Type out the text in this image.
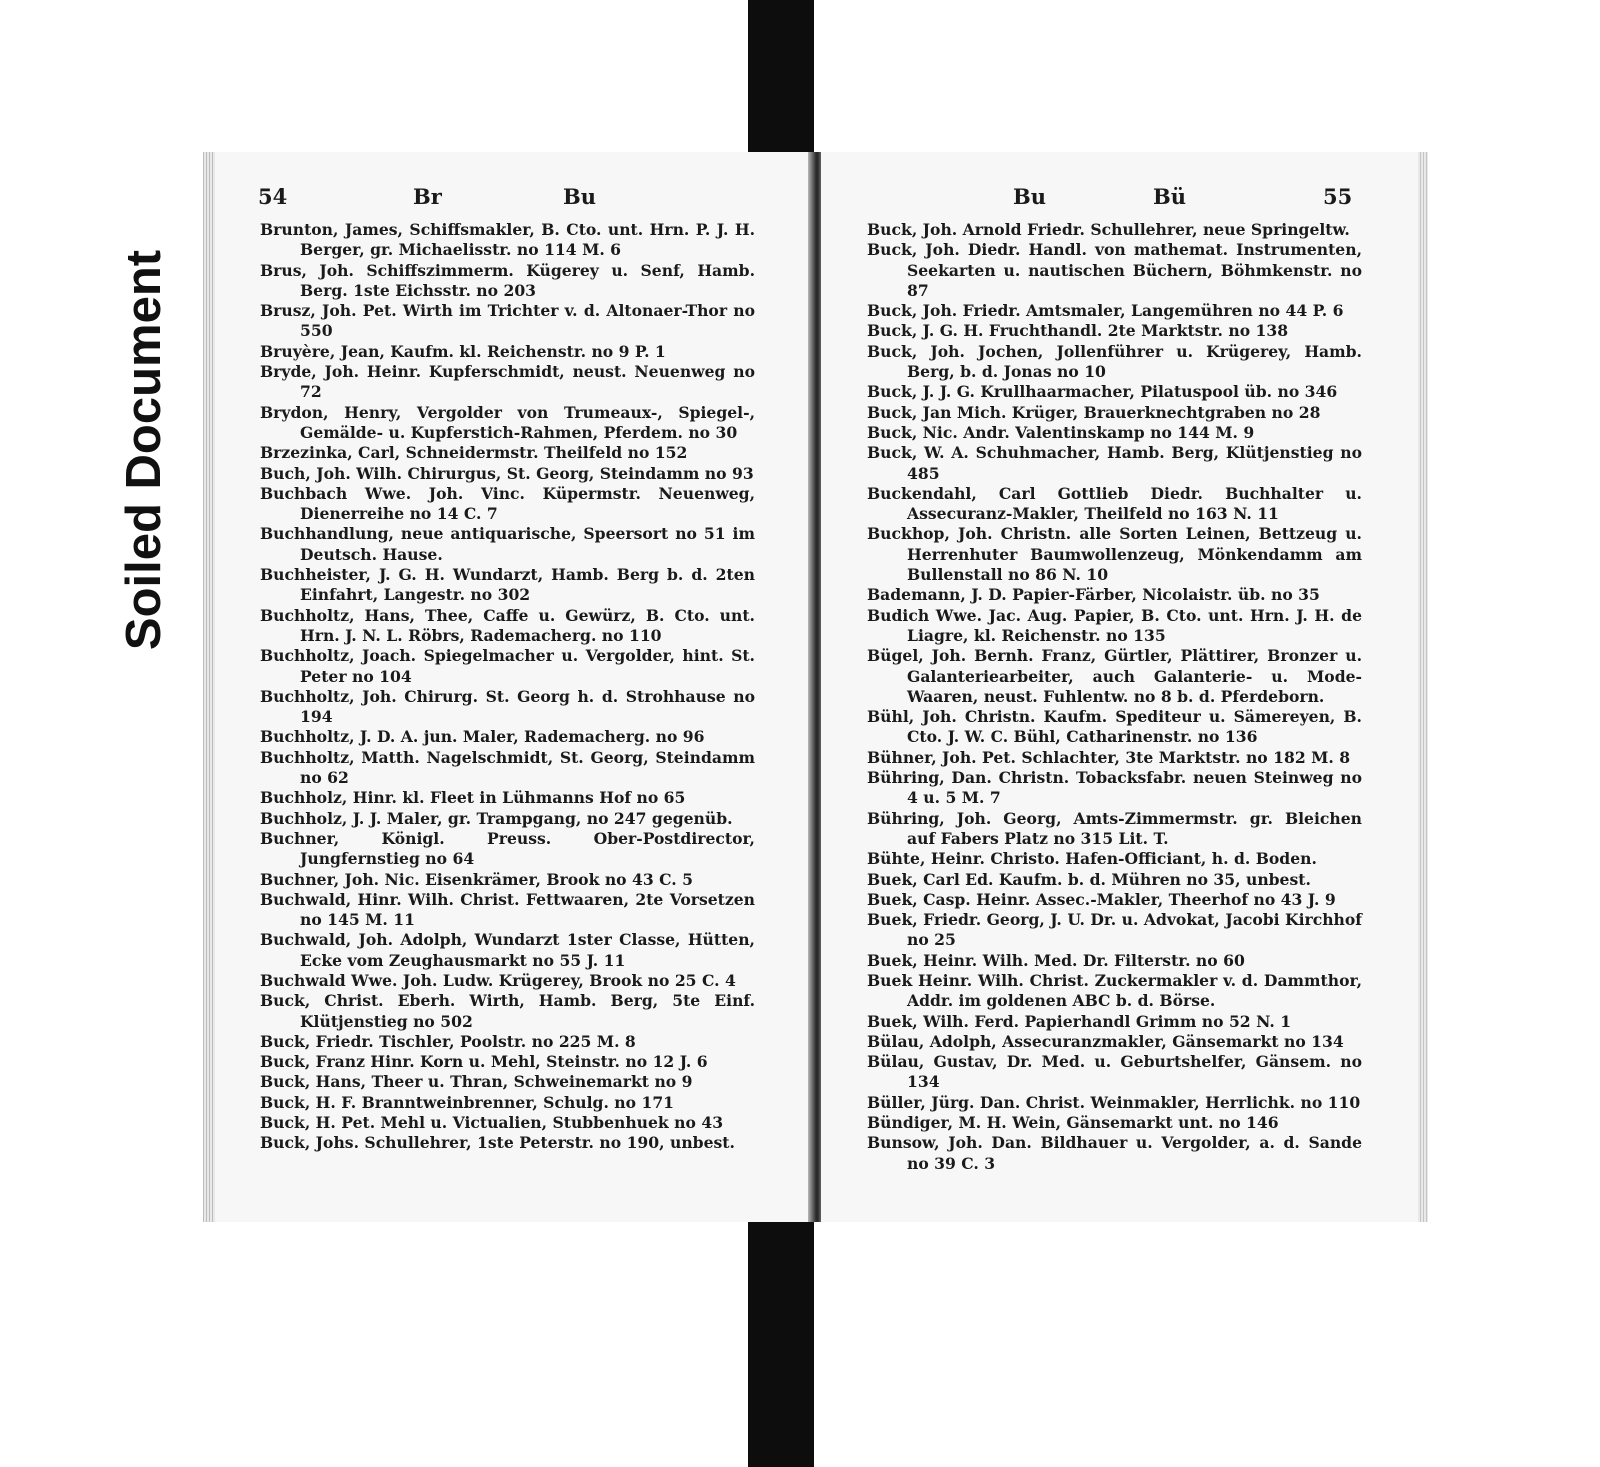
Soiled Document
54	Br	Bu

Brunton, James, Schiffsmakler, B. Cto. unt. Hrn. P. J. H. Berger, gr. Michaelisstr. no 114 M. 6

Brus, Joh. Schiffszimmerm. Kügerey u. Senf, Hamb. Berg. 1ste Eichsstr. no 203

Brusz, Joh. Pet. Wirth im Trichter v. d. Altonaer-Thor no 550

Bruyère, Jean, Kaufm. kl. Reichenstr. no 9 P. 1

Bryde, Joh. Heinr. Kupferschmidt, neust. Neuenweg no 72

Brydon, Henry, Vergolder von Trumeaux-, Spiegel-, Gemälde- u. Kupferstich-Rahmen, Pferdem. no 30

Brzezinka, Carl, Schneidermstr. Theilfeld no 152

Buch, Joh. Wilh. Chirurgus, St. Georg, Steindamm no 93

Buchbach Wwe. Joh. Vinc. Küpermstr. Neuenweg, Dienerreihe no 14 C. 7

Buchhandlung, neue antiquarische, Speersort no 51 im Deutsch. Hause.

Buchheister, J. G. H. Wundarzt, Hamb. Berg b. d. 2ten Einfahrt, Langestr. no 302

Buchholtz, Hans, Thee, Caffe u. Gewürz, B. Cto. unt. Hrn. J. N. L. Röbrs, Rademacherg. no 110

Buchholtz, Joach. Spiegelmacher u. Vergolder, hint. St. Peter no 104

Buchholtz, Joh. Chirurg. St. Georg h. d. Strohhause no 194

Buchholtz, J. D. A. jun. Maler, Rademacherg. no 96

Buchholtz, Matth. Nagelschmidt, St. Georg, Steindamm no 62

Buchholz, Hinr. kl. Fleet in Lühmanns Hof no 65

Buchholz, J. J. Maler, gr. Trampgang, no 247 gegenüb.

Buchner, Königl. Preuss. Ober-Postdirector, Jungfernstieg no 64

Buchner, Joh. Nic. Eisenkrämer, Brook no 43 C. 5

Buchwald, Hinr. Wilh. Christ. Fettwaaren, 2te Vorsetzen no 145 M. 11

Buchwald, Joh. Adolph, Wundarzt 1ster Classe, Hütten, Ecke vom Zeughausmarkt no 55 J. 11

Buchwald Wwe. Joh. Ludw. Krügerey, Brook no 25 C. 4

Buck, Christ. Eberh. Wirth, Hamb. Berg, 5te Einf. Klütjenstieg no 502

Buck, Friedr. Tischler, Poolstr. no 225 M. 8

Buck, Franz Hinr. Korn u. Mehl, Steinstr. no 12 J. 6

Buck, Hans, Theer u. Thran, Schweinemarkt no 9

Buck, H. F. Branntweinbrenner, Schulg. no 171

Buck, H. Pet. Mehl u. Victualien, Stubbenhuek no 43

Buck, Johs. Schullehrer, 1ste Peterstr. no 190, unbest.

Bu	Bü	55

Buck, Joh. Arnold Friedr. Schullehrer, neue Springeltw.

Buck, Joh. Diedr. Handl. von mathemat. Instrumenten, Seekarten u. nautischen Büchern, Böhmkenstr. no 87

Buck, Joh. Friedr. Amtsmaler, Langemühren no 44 P. 6

Buck, J. G. H. Fruchthandl. 2te Marktstr. no 138

Buck, Joh. Jochen, Jollenführer u. Krügerey, Hamb. Berg, b. d. Jonas no 10

Buck, J. J. G. Krullhaarmacher, Pilatuspool üb. no 346

Buck, Jan Mich. Krüger, Brauerknechtgraben no 28

Buck, Nic. Andr. Valentinskamp no 144 M. 9

Buck, W. A. Schuhmacher, Hamb. Berg, Klütjenstieg no 485

Buckendahl, Carl Gottlieb Diedr. Buchhalter u. Assecuranz-Makler, Theilfeld no 163 N. 11

Buckhop, Joh. Christn. alle Sorten Leinen, Bettzeug u. Herrenhuter Baumwollenzeug, Mönkendamm am Bullenstall no 86 N. 10

Bademann, J. D. Papier-Färber, Nicolaistr. üb. no 35

Budich Wwe. Jac. Aug. Papier, B. Cto. unt. Hrn. J. H. de Liagre, kl. Reichenstr. no 135

Bügel, Joh. Bernh. Franz, Gürtler, Plättirer, Bronzer u. Galanteriearbeiter, auch Galanterie- u. Mode-Waaren, neust. Fuhlentw. no 8 b. d. Pferdeborn.

Bühl, Joh. Christn. Kaufm. Spediteur u. Sämereyen, B. Cto. J. W. C. Bühl, Catharinenstr. no 136

Bühner, Joh. Pet. Schlachter, 3te Marktstr. no 182 M. 8

Bühring, Dan. Christn. Tobacksfabr. neuen Steinweg no 4 u. 5 M. 7

Bühring, Joh. Georg, Amts-Zimmermstr. gr. Bleichen auf Fabers Platz no 315 Lit. T.

Bühte, Heinr. Christo. Hafen-Officiant, h. d. Boden.

Buek, Carl Ed. Kaufm. b. d. Mühren no 35, unbest.

Buek, Casp. Heinr. Assec.-Makler, Theerhof no 43 J. 9

Buek, Friedr. Georg, J. U. Dr. u. Advokat, Jacobi Kirchhof no 25

Buek, Heinr. Wilh. Med. Dr. Filterstr. no 60

Buek Heinr. Wilh. Christ. Zuckermakler v. d. Dammthor, Addr. im goldenen ABC b. d. Börse.

Buek, Wilh. Ferd. Papierhandl Grimm no 52 N. 1

Bülau, Adolph, Assecuranzmakler, Gänsemarkt no 134

Bülau, Gustav, Dr. Med. u. Geburtshelfer, Gänsem. no 134

Büller, Jürg. Dan. Christ. Weinmakler, Herrlichk. no 110

Bündiger, M. H. Wein, Gänsemarkt unt. no 146

Bunsow, Joh. Dan. Bildhauer u. Vergolder, a. d. Sande no 39 C. 3
